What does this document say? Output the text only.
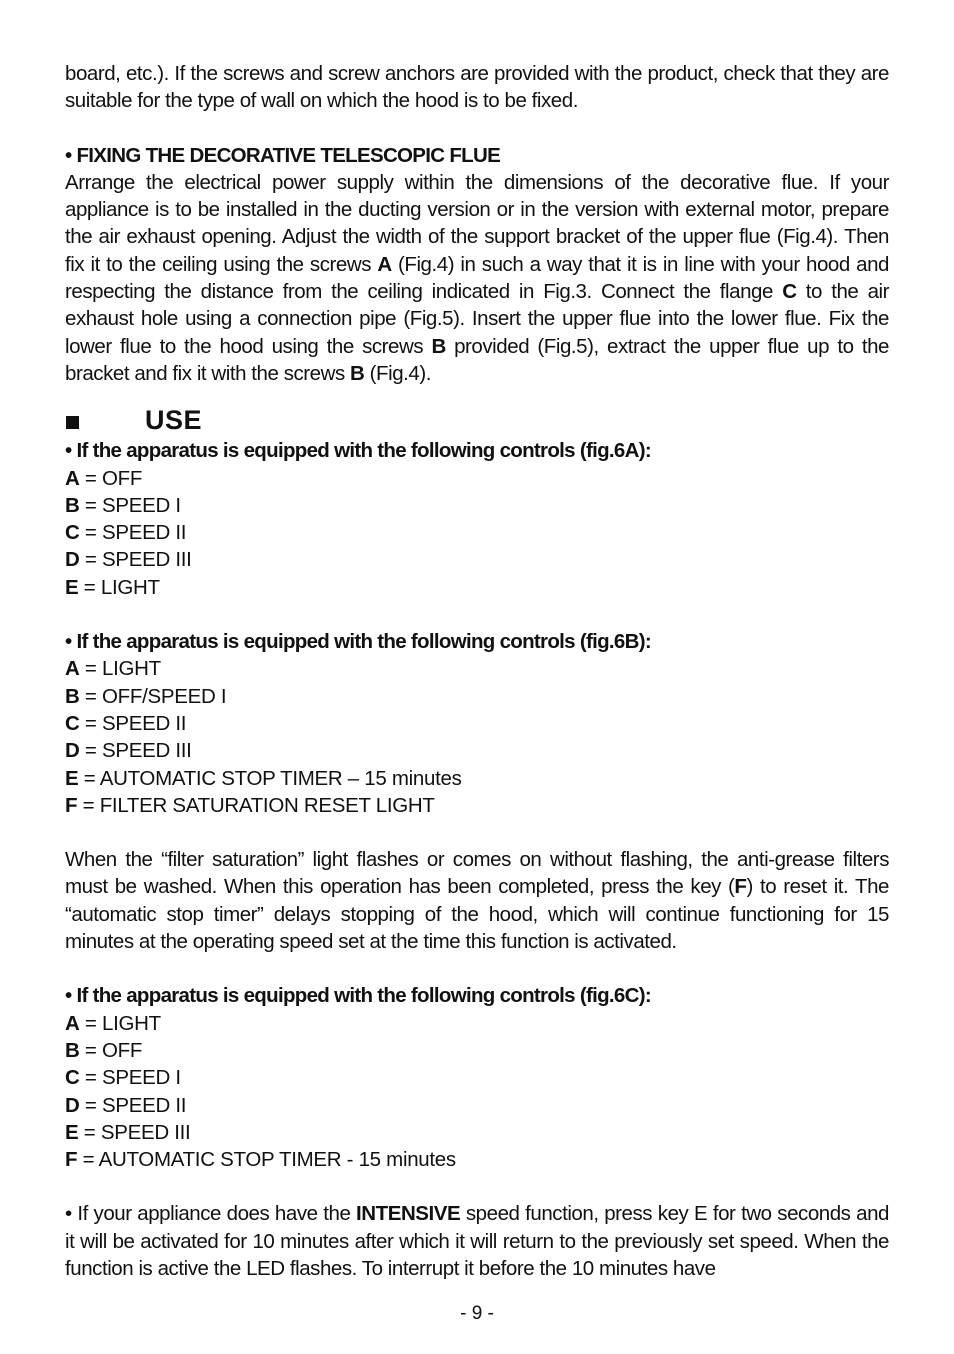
board, etc.). If the screws and screw anchors are provided with the product, check that they are suitable for the type of wall on which the hood is to be fixed.

• FIXING THE DECORATIVE TELESCOPIC FLUE

Arrange the electrical power supply within the dimensions of the decorative flue. If your appliance is to be installed in the ducting version or in the version with external motor, prepare the air exhaust opening. Adjust the width of the support bracket of the upper flue (Fig.4). Then fix it to the ceiling using the screws A (Fig.4) in such a way that it is in line with your hood and respecting the distance from the ceiling indicated in Fig.3. Connect the flange C to the air exhaust hole using a connection pipe (Fig.5). Insert the upper flue into the lower flue. Fix the lower flue to the hood using the screws B provided (Fig.5), extract the upper flue up to the bracket and fix it with the screws B (Fig.4).

USE

• If the apparatus is equipped with the following controls (fig.6A):

A = OFF

B = SPEED I

C = SPEED II

D = SPEED III

E = LIGHT

• If the apparatus is equipped with the following controls (fig.6B):

A = LIGHT

B = OFF/SPEED I

C = SPEED II

D = SPEED III

E = AUTOMATIC STOP TIMER – 15 minutes

F = FILTER SATURATION RESET LIGHT

When the “filter saturation” light flashes or comes on without flashing, the anti-grease filters must be washed. When this operation has been completed, press the key (F) to reset it. The “automatic stop timer” delays stopping of the hood, which will continue functioning for 15 minutes at the operating speed set at the time this function is activated.

• If the apparatus is equipped with the following controls (fig.6C):

A = LIGHT

B = OFF

C = SPEED I

D = SPEED II

E = SPEED III

F = AUTOMATIC STOP TIMER - 15 minutes

• If your appliance does have the INTENSIVE speed function, press key E for two seconds and it will be activated for 10 minutes after which it will return to the previously set speed. When the function is active the LED flashes. To interrupt it before the 10 minutes have

- 9 -
